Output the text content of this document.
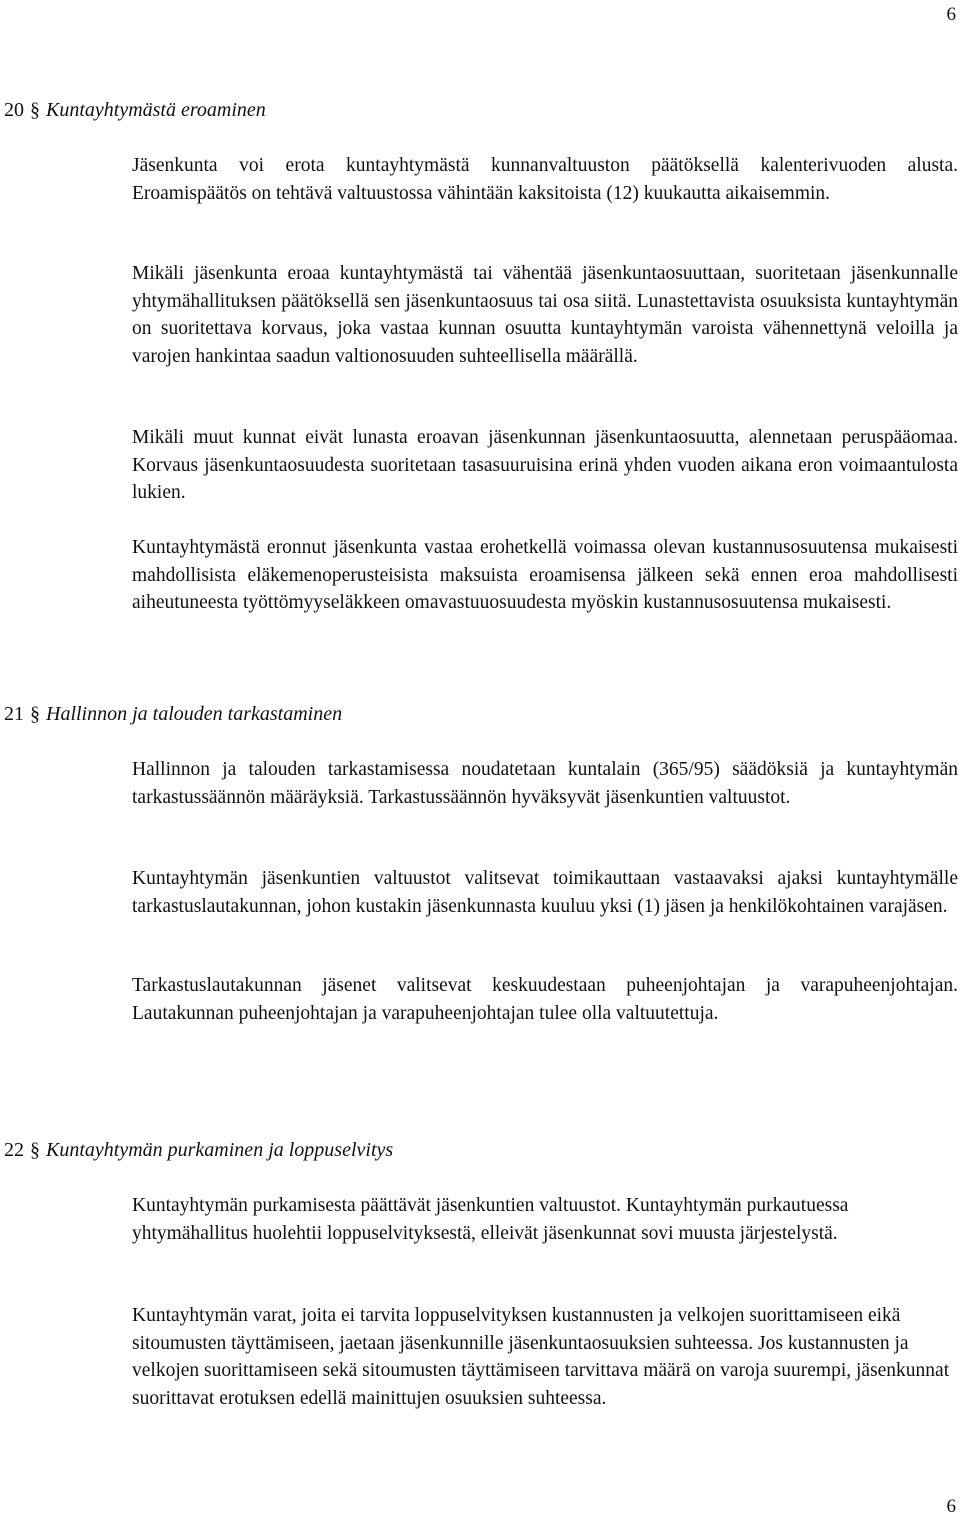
6
20 § Kuntayhtymästä eroaminen

Jäsenkunta voi erota kuntayhtymästä kunnanvaltuuston päätöksellä kalenterivuoden alusta. Eroamispäätös on tehtävä valtuustossa vähintään kaksitoista (12) kuukautta aikaisemmin.

Mikäli jäsenkunta eroaa kuntayhtymästä tai vähentää jäsenkuntaosuuttaan, suoritetaan jäsenkunnalle yhtymähallituksen päätöksellä sen jäsenkuntaosuus tai osa siitä. Lunastettavista osuuksista kuntayhtymän on suoritettava korvaus, joka vastaa kunnan osuutta kuntayhtymän varoista vähennettynä veloilla ja varojen hankintaa saadun valtionosuuden suhteellisella määrällä.

Mikäli muut kunnat eivät lunasta eroavan jäsenkunnan jäsenkuntaosuutta, alennetaan peruspääomaa. Korvaus jäsenkuntaosuudesta suoritetaan tasasuuruisina erinä yhden vuoden aikana eron voimaantulosta lukien.

Kuntayhtymästä eronnut jäsenkunta vastaa erohetkellä voimassa olevan kustannusosuutensa mukaisesti mahdollisista eläkemenoperusteisista maksuista eroamisensa jälkeen sekä ennen eroa mahdollisesti aiheutuneesta työttömyyseläkkeen omavastuuosuudesta myöskin kustannusosuutensa mukaisesti.

21 § Hallinnon ja talouden tarkastaminen

Hallinnon ja talouden tarkastamisessa noudatetaan kuntalain (365/95) säädöksiä ja kuntayhtymän tarkastussäännön määräyksiä. Tarkastussäännön hyväksyvät jäsenkuntien valtuustot.

Kuntayhtymän jäsenkuntien valtuustot valitsevat toimikauttaan vastaavaksi ajaksi kuntayhtymälle tarkastuslautakunnan, johon kustakin jäsenkunnasta kuuluu yksi (1) jäsen ja henkilökohtainen varajäsen.

Tarkastuslautakunnan jäsenet valitsevat keskuudestaan puheenjohtajan ja varapuheenjohtajan. Lautakunnan puheenjohtajan ja varapuheenjohtajan tulee olla valtuutettuja.

22 § Kuntayhtymän purkaminen ja loppuselvitys

Kuntayhtymän purkamisesta päättävät jäsenkuntien valtuustot. Kuntayhtymän purkautuessa yhtymähallitus huolehtii loppuselvityksestä, elleivät jäsenkunnat sovi muusta järjestelystä.

Kuntayhtymän varat, joita ei tarvita loppuselvityksen kustannusten ja velkojen suorittamiseen eikä sitoumusten täyttämiseen, jaetaan jäsenkunnille jäsenkuntaosuuksien suhteessa. Jos kustannusten ja velkojen suorittamiseen sekä sitoumusten täyttämiseen tarvittava määrä on varoja suurempi, jäsenkunnat suorittavat erotuksen edellä mainittujen osuuksien suhteessa.

6
